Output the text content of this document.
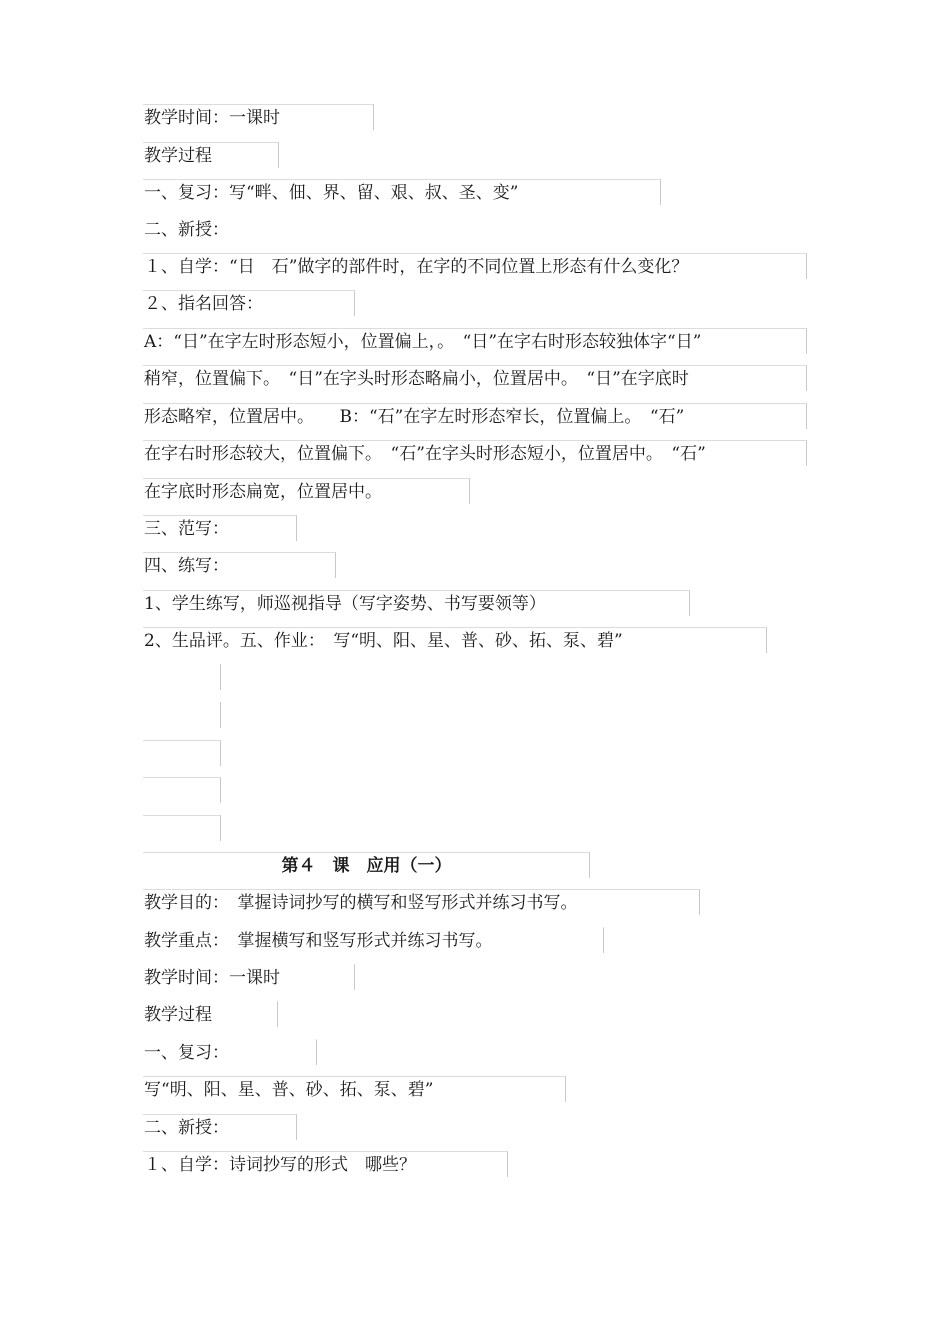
教学时间：一课时
教学过程
一、复习：写“畔、佃、界、留、艰、叔、圣、变”
二、新授：
１、自学：“日　石”做字的部件时，在字的不同位置上形态有什么变化？
２、指名回答：
A：“日”在字左时形态短小，位置偏上，。　“日”在字右时形态较独体字“日”
稍窄，位置偏下。　“日”在字头时形态略扁小，位置居中。　“日”在字底时
形态略窄，位置居中。　　B：“石”在字左时形态窄长，位置偏上。　“石”
在字右时形态较大，位置偏下。　“石”在字头时形态短小，位置居中。　“石”
在字底时形态扁宽，位置居中。
三、范写：
四、练写：
1、学生练写，师巡视指导（写字姿势、书写要领等）
2、生品评。五、作业：　写“明、阳、星、普、砂、拓、泵、碧”
第４　课　应用（一）
教学目的：　掌握诗词抄写的横写和竖写形式并练习书写。
教学重点：　掌握横写和竖写形式并练习书写。
教学时间：一课时
教学过程
一、复习：
写“明、阳、星、普、砂、拓、泵、碧”
二、新授：
１、自学：诗词抄写的形式　哪些？
